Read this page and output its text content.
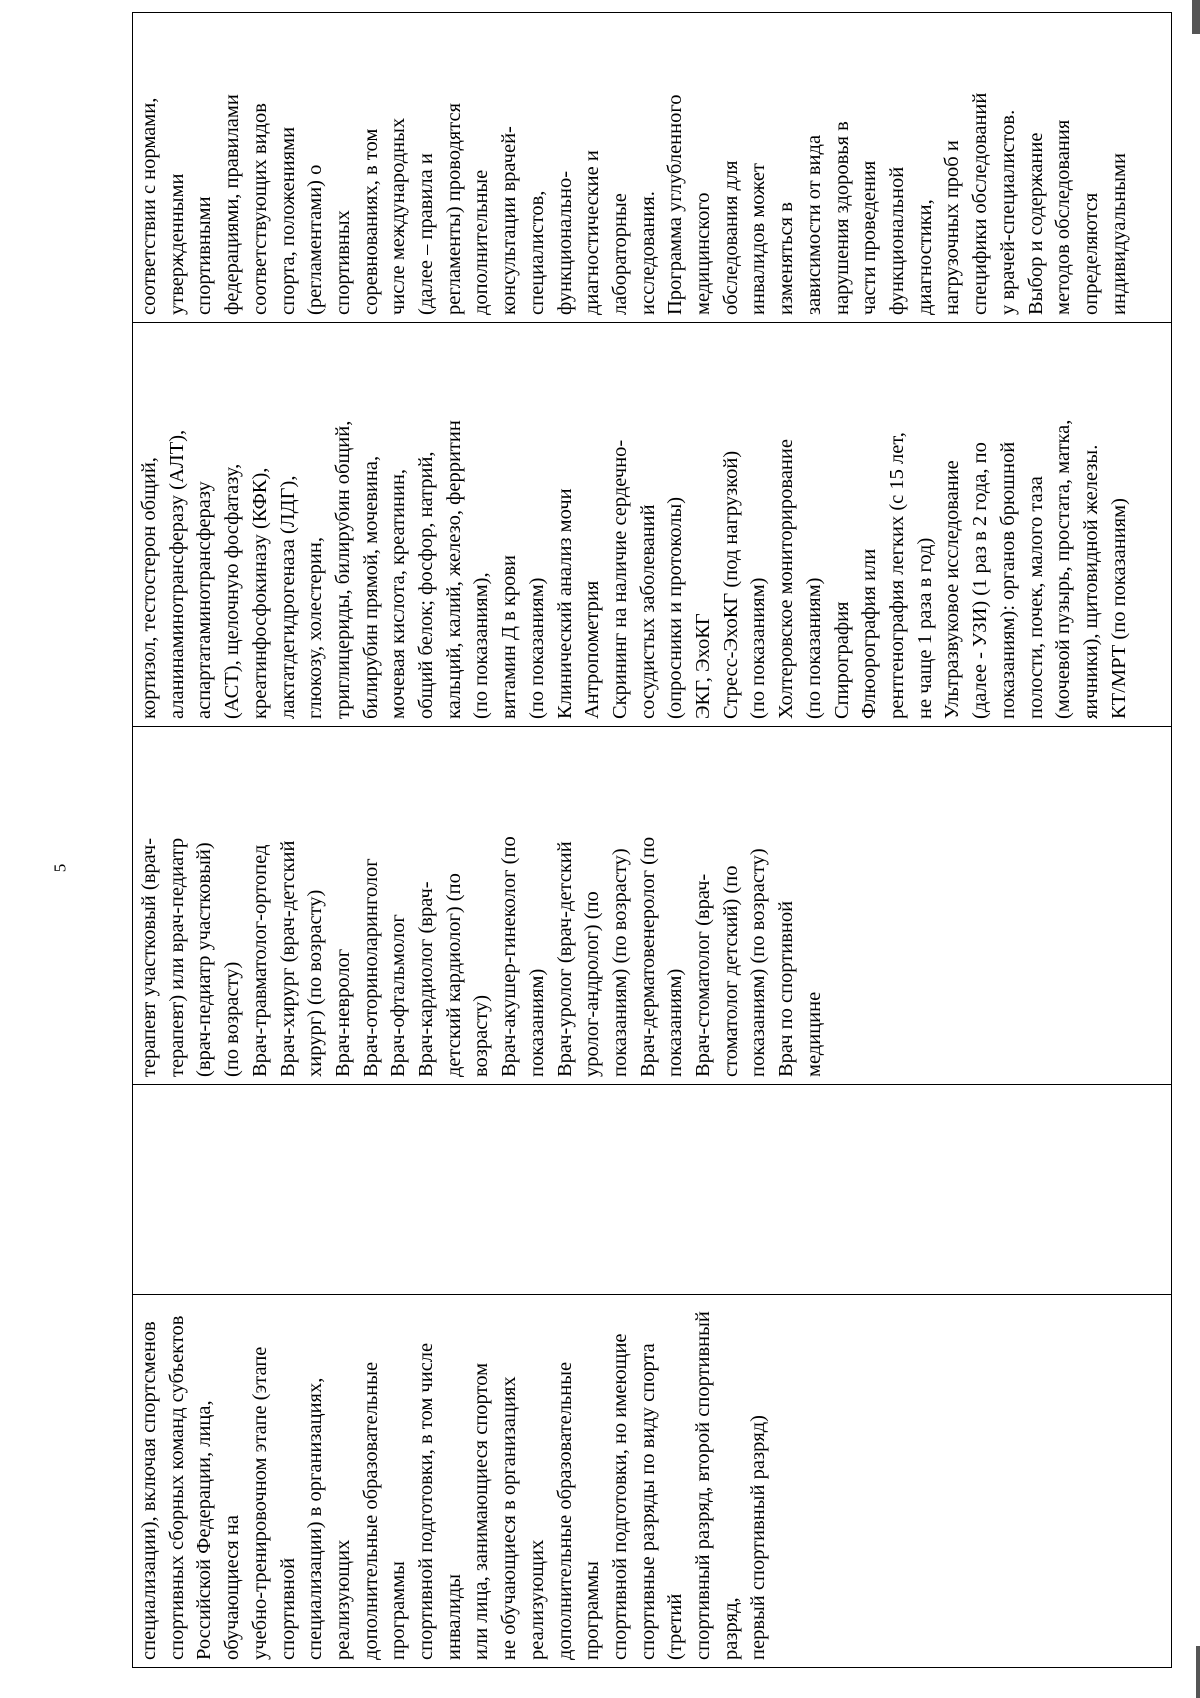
5
специализации), включая спортсменов
спортивных сборных команд субъектов
Российской Федерации, лица, обучающиеся на
учебно-тренировочном этапе (этапе спортивной
специализации) в организациях, реализующих
дополнительные образовательные программы
спортивной подготовки, в том числе инвалиды
или лица, занимающиеся спортом
не обучающиеся в организациях реализующих
дополнительные образовательные программы
спортивной подготовки, но имеющие
спортивные разряды по виду спорта (третий
спортивный разряд, второй спортивный разряд,
первый спортивный разряд)		терапевт участковый (врач-
терапевт) или врач-педиатр
(врач-педиатр участковый)
(по возрасту)
Врач-травматолог-ортопед
Врач-хирург (врач-детский
хирург) (по возрасту)
Врач-невролог
Врач-оториноларинголог
Врач-офтальмолог
Врач-кардиолог (врач-
детский кардиолог) (по
возрасту)
Врач-акушер-гинеколог (по
показаниям)
Врач-уролог (врач-детский
уролог-андролог) (по
показаниям) (по возрасту)
Врач-дерматовенеролог (по
показаниям)
Врач-стоматолог (врач-
стоматолог детский) (по
показаниям) (по возрасту)
Врач по спортивной
медицине	кортизол, тестостерон общий,
аланинаминотрансферазу (АЛТ),
аспартатаминотрансферазу
(АСТ), щелочную фосфатазу,
креатинфосфокиназу (КФК),
лактатдегидрогеназа (ЛДГ),
глюкозу, холестерин,
триглицериды, билирубин общий,
билирубин прямой, мочевина,
мочевая кислота, креатинин,
общий белок; фосфор, натрий,
кальций, калий, железо, ферритин
(по показаниям),
витамин Д в крови
(по показаниям)
Клинический анализ мочи
Антропометрия
Скрининг на наличие сердечно-
сосудистых заболеваний
(опросники и протоколы)
ЭКГ, ЭхоКГ
Стресс-ЭхоКГ (под нагрузкой)
(по показаниям)
Холтеровское мониторирование
(по показаниям)
Спирография
Флюорография или
рентгенография легких (с 15 лет,
не чаще 1 раза в год)
Ультразвуковое исследование
(далее - УЗИ) (1 раз в 2 года, по
показаниям): органов брюшной
полости, почек, малого таза
(мочевой пузырь, простата, матка,
яичники), щитовидной железы.
КТ/МРТ (по показаниям)	соответствии с нормами,
утвержденными
спортивными
федерациями, правилами
соответствующих видов
спорта, положениями
(регламентами) о
спортивных
соревнованиях, в том
числе международных
(далее – правила и
регламенты) проводятся
дополнительные
консультации врачей-
специалистов,
функционально-
диагностические и
лабораторные
исследования.
Программа углубленного
медицинского
обследования для
инвалидов может
изменяться в
зависимости от вида
нарушения здоровья в
части проведения
функциональной
диагностики,
нагрузочных проб и
специфики обследований
у врачей-специалистов.
Выбор и содержание
методов обследования
определяются
индивидуальными
